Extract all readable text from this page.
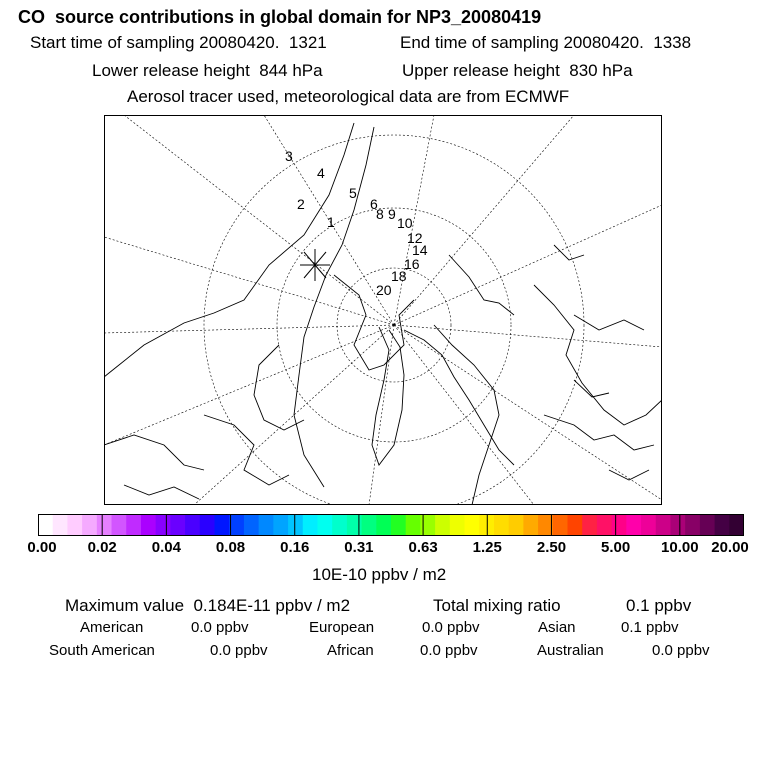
CO  source contributions in global domain for NP3_20080419
Start time of sampling 20080420.  1321	End time of sampling 20080420.  1338
Lower release height  844 hPa	Upper release height  830 hPa
Aerosol tracer used, meteorological data are from ECMWF
1
2
3
4
5
6
8 9
10
12
14
16
18
20
0.00 0.02 0.04 0.08 0.16 0.31 0.63 1.25 2.50 5.00 10.00 20.00
10E-10 ppbv / m2
Maximum value  0.184E-11 ppbv / m2	Total mixing ratio	0.1 ppbv
American	0.0 ppbv	European	0.0 ppbv	Asian	0.1 ppbv
South American	0.0 ppbv	African	0.0 ppbv	Australian	0.0 ppbv
